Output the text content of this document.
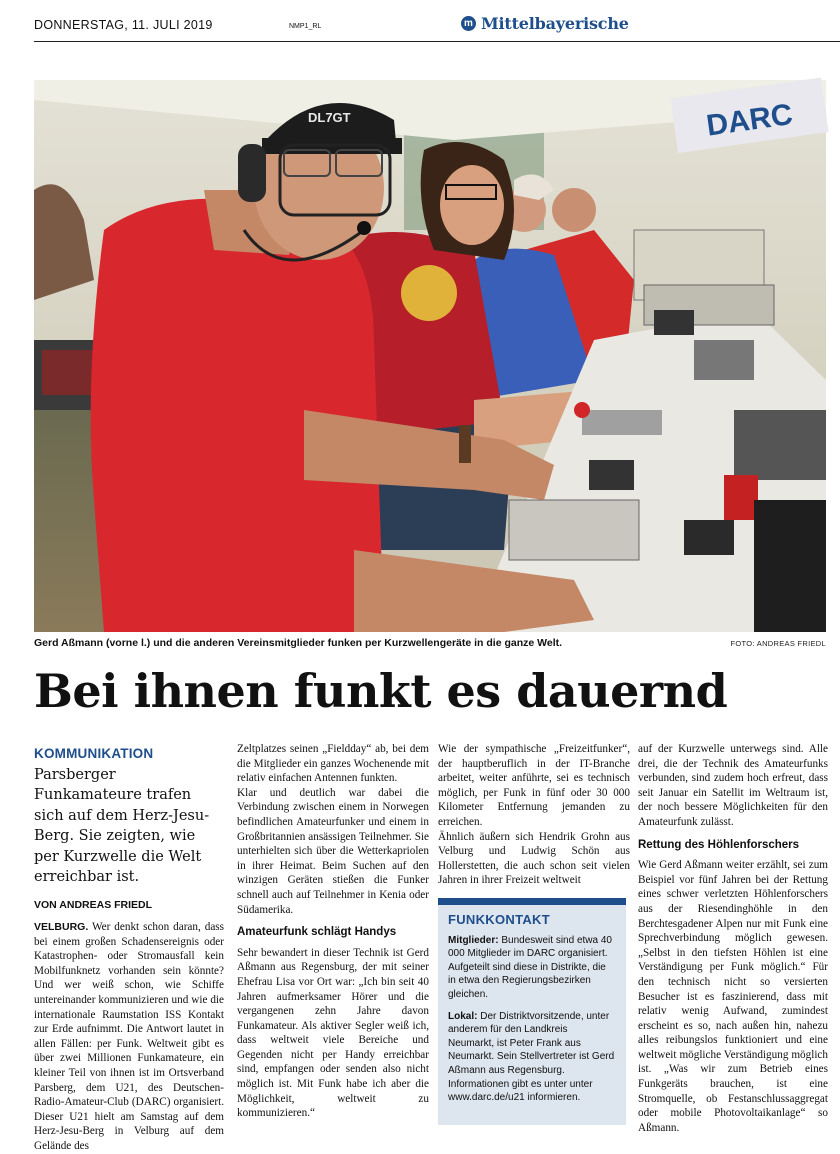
DONNERSTAG, 11. JULI 2019	NMP1_RL	m Mittelbayerische
DARC
DL7GT
Gerd Aßmann (vorne l.) und die anderen Vereinsmitglieder funken per Kurzwellengeräte in die ganze Welt.	FOTO: ANDREAS FRIEDL
Bei ihnen funkt es dauernd
KOMMUNIKATION Parsberger Funkamateure trafen sich auf dem Herz-Jesu-Berg. Sie zeigten, wie per Kurzwelle die Welt erreichbar ist.
VON ANDREAS FRIEDL

VELBURG. Wer denkt schon daran, dass bei einem großen Schadensereignis oder Katastrophen- oder Stromausfall kein Mobilfunknetz vorhanden sein könnte? Und wer weiß schon, wie Schiffe untereinander kommunizieren und wie die internationale Raumstation ISS Kontakt zur Erde aufnimmt. Die Antwort lautet in allen Fällen: per Funk. Weltweit gibt es über zwei Millionen Funkamateure, ein kleiner Teil von ihnen ist im Ortsverband Parsberg, dem U21, des Deutschen-Radio-Amateur-Club (DARC) organisiert. Dieser U21 hielt am Samstag auf dem Herz-Jesu-Berg in Velburg auf dem Gelände des

Zeltplatzes seinen „Fieldday“ ab, bei dem die Mitglieder ein ganzes Wochenende mit relativ einfachen Antennen funkten.

Klar und deutlich war dabei die Verbindung zwischen einem in Norwegen befindlichen Amateurfunker und einem in Großbritannien ansässigen Teilnehmer. Sie unterhielten sich über die Wetterkapriolen in ihrer Heimat. Beim Suchen auf den winzigen Geräten stießen die Funker schnell auch auf Teilnehmer in Kenia oder Südamerika.

Amateurfunk schlägt Handys

Sehr bewandert in dieser Technik ist Gerd Aßmann aus Regensburg, der mit seiner Ehefrau Lisa vor Ort war: „Ich bin seit 40 Jahren aufmerksamer Hörer und die vergangenen zehn Jahre davon Funkamateur. Als aktiver Segler weiß ich, dass weltweit viele Bereiche und Gegenden nicht per Handy erreichbar sind, empfangen oder senden also nicht möglich ist. Mit Funk habe ich aber die Möglichkeit, weltweit zu kommunizieren.“

Wie der sympathische „Freizeitfunker“, der hauptberuflich in der IT-Branche arbeitet, weiter anführte, sei es technisch möglich, per Funk in fünf oder 30 000 Kilometer Entfernung jemanden zu erreichen.

Ähnlich äußern sich Hendrik Grohn aus Velburg und Ludwig Schön aus Hollerstetten, die auch schon seit vielen Jahren in ihrer Freizeit weltweit

FUNKKONTAKT

Mitglieder: Bundesweit sind etwa 40 000 Mitglieder im DARC organisiert. Aufgeteilt sind diese in Distrikte, die in etwa den Regierungsbezirken gleichen.

Lokal: Der Distriktvorsitzende, unter anderem für den Landkreis Neumarkt, ist Peter Frank aus Neumarkt. Sein Stellvertreter ist Gerd Aßmann aus Regensburg. Informationen gibt es unter unter www.darc.de/u21 informieren.

auf der Kurzwelle unterwegs sind. Alle drei, die der Technik des Amateurfunks verbunden, sind zudem hoch erfreut, dass seit Januar ein Satellit im Weltraum ist, der noch bessere Möglichkeiten für den Amateurfunk zulässt.

Rettung des Höhlenforschers

Wie Gerd Aßmann weiter erzählt, sei zum Beispiel vor fünf Jahren bei der Rettung eines schwer verletzten Höhlenforschers aus der Riesendinghöhle in den Berchtesgadener Alpen nur mit Funk eine Sprechverbindung möglich gewesen. „Selbst in den tiefsten Höhlen ist eine Verständigung per Funk möglich.“ Für den technisch nicht so versierten Besucher ist es faszinierend, dass mit relativ wenig Aufwand, zumindest erscheint es so, nach außen hin, nahezu alles reibungslos funktioniert und eine weltweit mögliche Verständigung möglich ist. „Was wir zum Betrieb eines Funkgeräts brauchen, ist eine Stromquelle, ob Festanschlussaggregat oder mobile Photovoltaikanlage“ so Aßmann.
